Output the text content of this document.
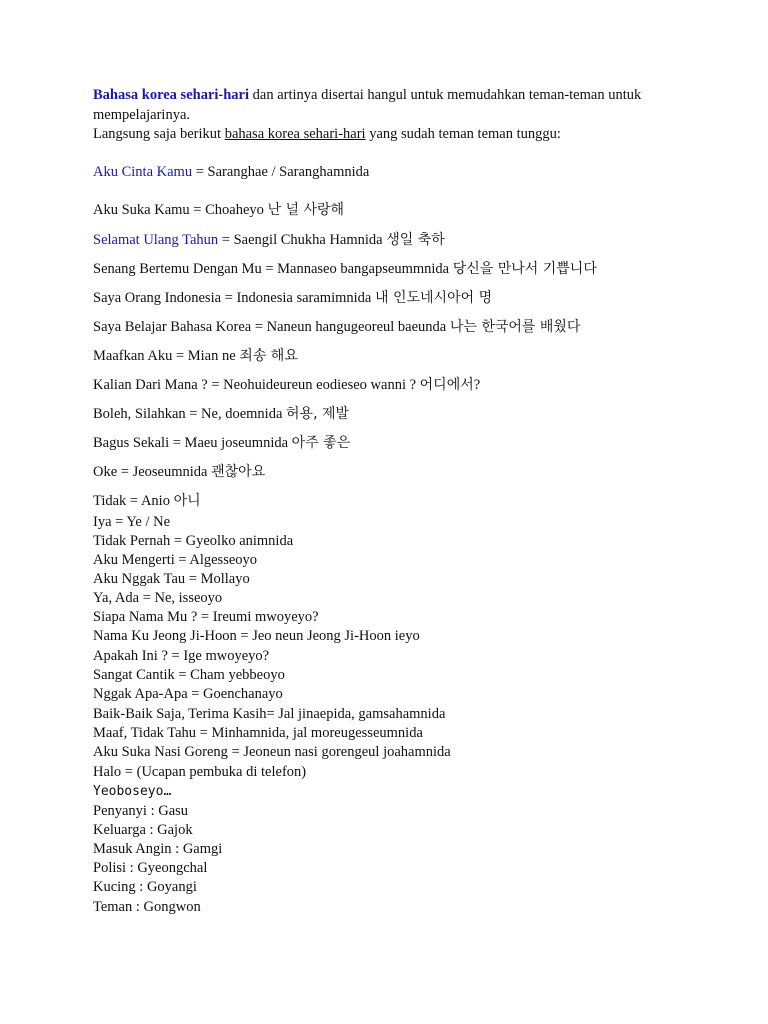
Bahasa korea sehari-hari dan artinya disertai hangul untuk memudahkan teman-teman untuk mempelajarinya.

Langsung saja berikut bahasa korea sehari-hari yang sudah teman teman tunggu:

Aku Cinta Kamu = Saranghae / Saranghamnida
Aku Suka Kamu = Choaheyo 난 널 사랑해
Selamat Ulang Tahun = Saengil Chukha Hamnida 생일 축하
Senang Bertemu Dengan Mu = Mannaseo bangapseummnida 당신을 만나서 기쁩니다
Saya Orang Indonesia = Indonesia saramimnida 내 인도네시아어 명
Saya Belajar Bahasa Korea = Naneun hangugeoreul baeunda 나는 한국어를 배웠다
Maafkan Aku = Mian ne 죄송 해요
Kalian Dari Mana ? = Neohuideureun eodieseo wanni ? 어디에서?
Boleh, Silahkan = Ne, doemnida 허용, 제발
Bagus Sekali = Maeu joseumnida 아주 좋은
Oke = Jeoseumnida 괜찮아요
Tidak = Anio 아니
Iya = Ye / Ne
Tidak Pernah = Gyeolko animnida
Aku Mengerti = Algesseoyo
Aku Nggak Tau = Mollayo
Ya, Ada = Ne, isseoyo
Siapa Nama Mu ? = Ireumi mwoyeyo?
Nama Ku Jeong Ji-Hoon = Jeo neun Jeong Ji-Hoon ieyo
Apakah Ini ? = Ige mwoyeyo?
Sangat Cantik = Cham yebbeoyo
Nggak Apa-Apa = Goenchanayo
Baik-Baik Saja, Terima Kasih= Jal jinaepida, gamsahamnida
Maaf, Tidak Tahu = Minhamnida, jal moreugesseumnida
Aku Suka Nasi Goreng = Jeoneun nasi gorengeul joahamnida
Halo = (Ucapan pembuka di telefon)
Yeoboseyo…
Penyanyi : Gasu
Keluarga : Gajok
Masuk Angin : Gamgi
Polisi : Gyeongchal
Kucing : Goyangi
Teman : Gongwon
